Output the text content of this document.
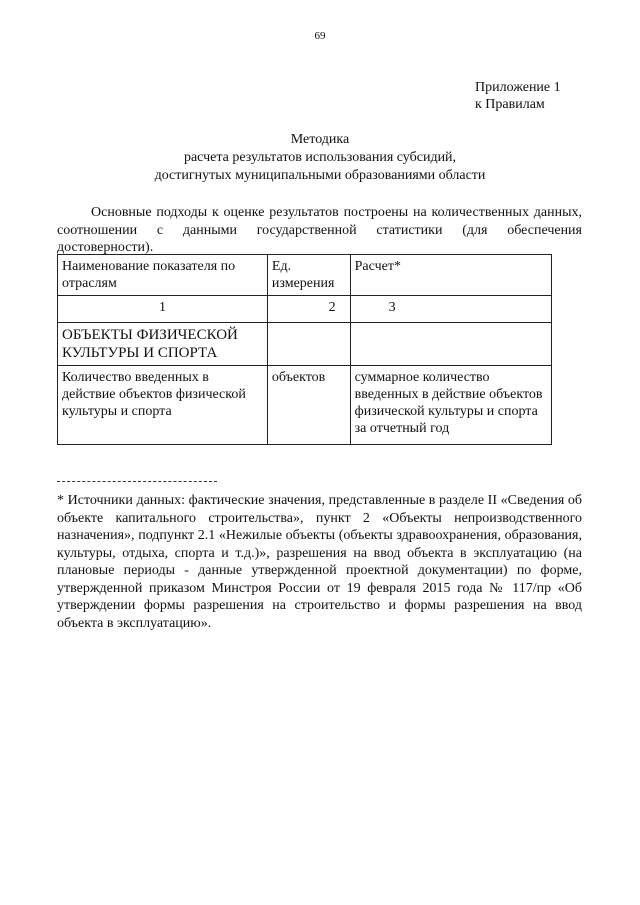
69
Приложение 1
к Правилам
Методика
расчета результатов использования субсидий,
достигнутых муниципальными образованиями области
Основные подходы к оценке результатов построены на количественных данных, соотношении с данными государственной статистики (для обеспечения достоверности).
Наименование показателя по отраслям	Ед. измерения	Расчет*
1	2	3
ОБЪЕКТЫ ФИЗИЧЕСКОЙ КУЛЬТУРЫ И СПОРТА		
Количество введенных в действие объектов физической культуры и спорта	объектов	суммарное количество введенных в действие объектов физической культуры и спорта за отчетный год
* Источники данных: фактические значения, представленные в разделе II «Сведения об объекте капитального строительства», пункт 2 «Объекты непроизводственного назначения», подпункт 2.1 «Нежилые объекты (объекты здравоохранения, образования, культуры, отдыха, спорта и т.д.)», разрешения на ввод объекта в эксплуатацию (на плановые периоды - данные утвержденной проектной документации) по форме, утвержденной приказом Минстроя России от 19 февраля 2015 года № 117/пр «Об утверждении формы разрешения на строительство и формы разрешения на ввод объекта в эксплуатацию».
